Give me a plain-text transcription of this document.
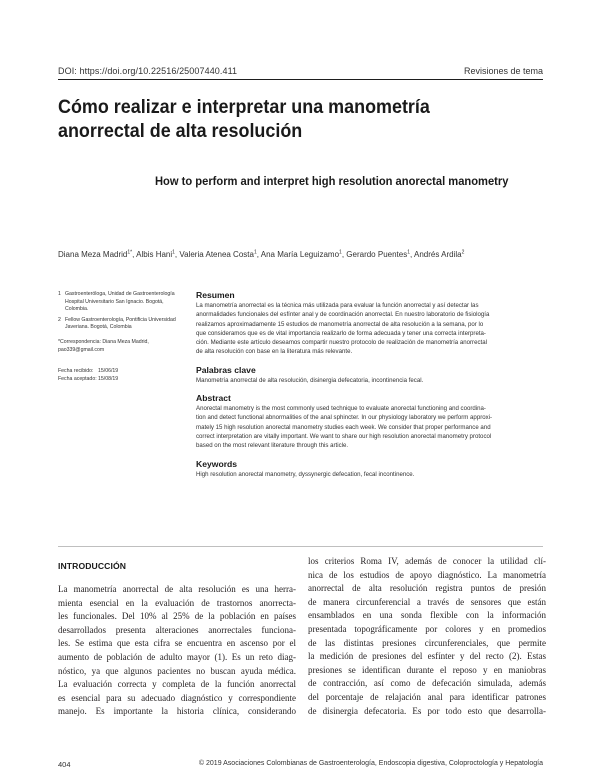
DOI: https://doi.org/10.22516/25007440.411	Revisiones de tema
Cómo realizar e interpretar una manometría
anorrectal de alta resolución
How to perform and interpret high resolution anorectal manometry
Diana Meza Madrid$^{1*}$, Albis Hani$^1$, Valeria Atenea Costa$^1$, Ana María Leguizamo$^1$, Gerardo Puentes$^1$, Andrés Ardila$^2$
1 Gastroenteróloga, Unidad de Gastroenterología Hospital Universitario San Ignacio. Bogotá, Colombia.
2 Fellow Gastroenterología, Pontificia Universidad Javeriana. Bogotá, Colombia
*Correspondencia: Diana Meza Madrid, pao339@gmail.com
Fecha recibido: 15/06/19
Fecha aceptado: 15/08/19
Resumen
La manometría anorrectal es la técnica más utilizada para evaluar la función anorrectal y así detectar las
anormalidades funcionales del esfínter anal y de coordinación anorrectal. En nuestro laboratorio de fisiología
realizamos aproximadamente 15 estudios de manometría anorrectal de alta resolución a la semana, por lo
que consideramos que es de vital importancia realizarlo de forma adecuada y tener una correcta interpreta-
ción. Mediante este artículo deseamos compartir nuestro protocolo de realización de manometría anorrectal
de alta resolución con base en la literatura más relevante.
Palabras clave
Manometría anorrectal de alta resolución, disinergia defecatoria, incontinencia fecal.
Abstract
Anorectal manometry is the most commonly used technique to evaluate anorectal functioning and coordina-
tion and detect functional abnormalities of the anal sphincter. In our physiology laboratory we perform approxi-
mately 15 high resolution anorectal manometry studies each week. We consider that proper performance and
correct interpretation are vitally important. We want to share our high resolution anorectal manometry protocol
based on the most relevant literature through this article.
Keywords
High resolution anorectal manometry, dyssynergic defecation, fecal incontinence.
INTRODUCCIÓN
La manometría anorrectal de alta resolución es una herra-
mienta esencial en la evaluación de trastornos anorrecta-
les funcionales. Del 10% al 25% de la población en países
desarrollados presenta alteraciones anorrectales funciona-
les. Se estima que esta cifra se encuentra en ascenso por el
aumento de población de adulto mayor (1). Es un reto diag-
nóstico, ya que algunos pacientes no buscan ayuda médica.
La evaluación correcta y completa de la función anorrectal
es esencial para su adecuado diagnóstico y correspondiente
manejo. Es importante la historia clínica, considerando
los criterios Roma IV, además de conocer la utilidad clí-
nica de los estudios de apoyo diagnóstico. La manometría
anorrectal de alta resolución registra puntos de presión
de manera circunferencial a través de sensores que están
ensamblados en una sonda flexible con la información
presentada topográficamente por colores y en promedios
de las distintas presiones circunferenciales, que permite
la medición de presiones del esfínter y del recto (2). Estas
presiones se identifican durante el reposo y en maniobras
de contracción, así como de defecación simulada, además
del porcentaje de relajación anal para identificar patrones
de disinergia defecatoria. Es por todo esto que desarrolla-
404	© 2019 Asociaciones Colombianas de Gastroenterología, Endoscopia digestiva, Coloproctología y Hepatología
